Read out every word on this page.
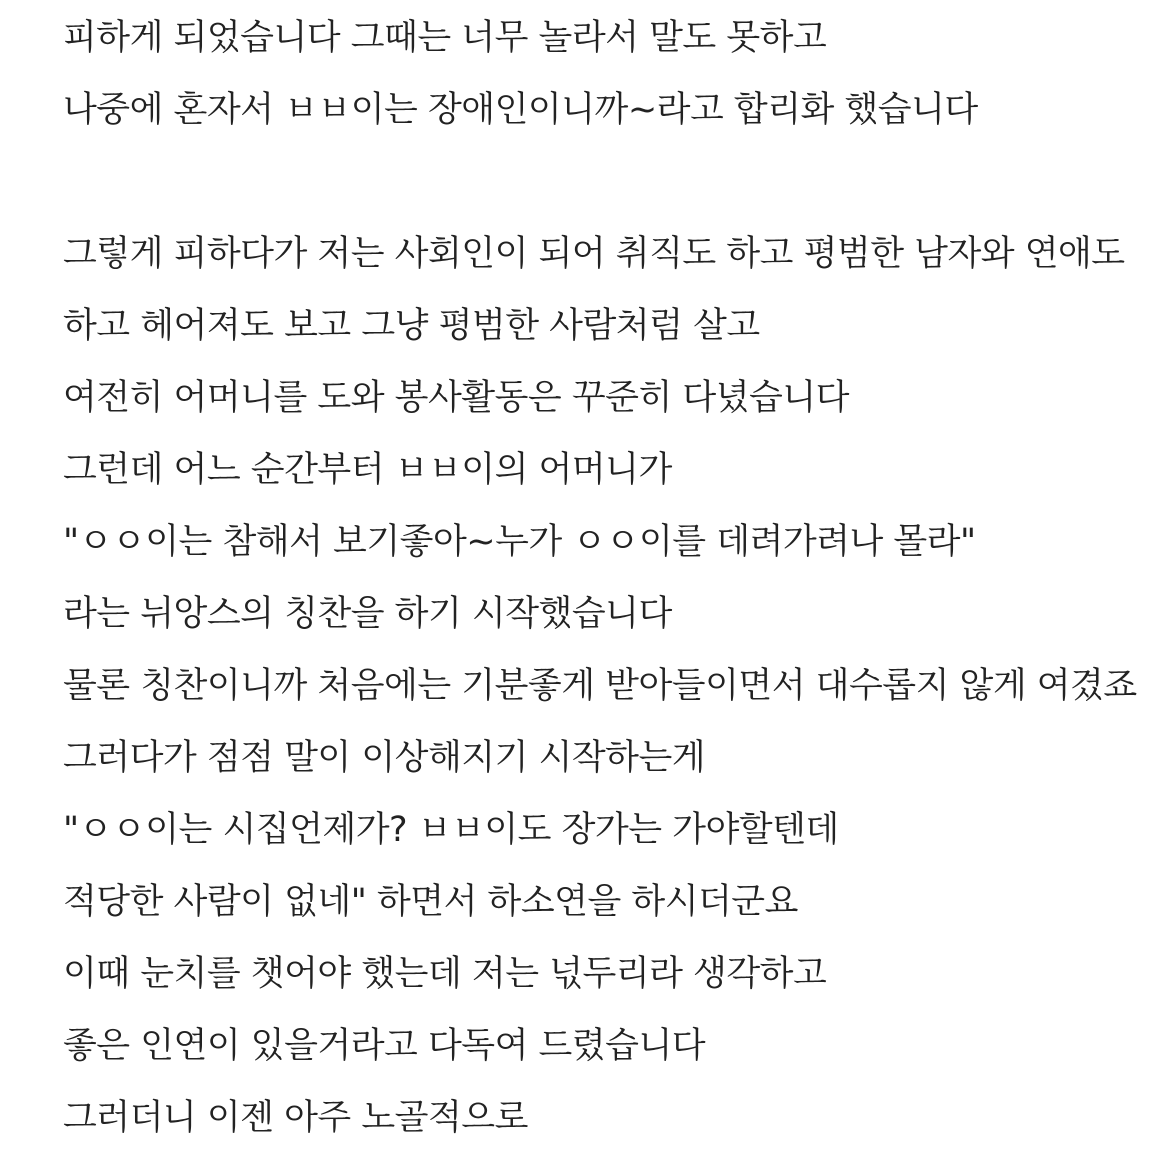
피하게 되었습니다 그때는 너무 놀라서 말도 못하고
나중에 혼자서 ㅂㅂ이는 장애인이니까~라고 합리화 했습니다
그렇게 피하다가 저는 사회인이 되어 취직도 하고 평범한 남자와 연애도
하고 헤어져도 보고 그냥 평범한 사람처럼 살고
여전히 어머니를 도와 봉사활동은 꾸준히 다녔습니다
그런데 어느 순간부터 ㅂㅂ이의 어머니가
"ㅇㅇ이는 참해서 보기좋아~누가 ㅇㅇ이를 데려가려나 몰라"
라는 뉘앙스의 칭찬을 하기 시작했습니다
물론 칭찬이니까 처음에는 기분좋게 받아들이면서 대수롭지 않게 여겼죠
그러다가 점점 말이 이상해지기 시작하는게
"ㅇㅇ이는 시집언제가? ㅂㅂ이도 장가는 가야할텐데
적당한 사람이 없네" 하면서 하소연을 하시더군요
이때 눈치를 챗어야 했는데 저는 넋두리라 생각하고
좋은 인연이 있을거라고 다독여 드렸습니다
그러더니 이젠 아주 노골적으로
